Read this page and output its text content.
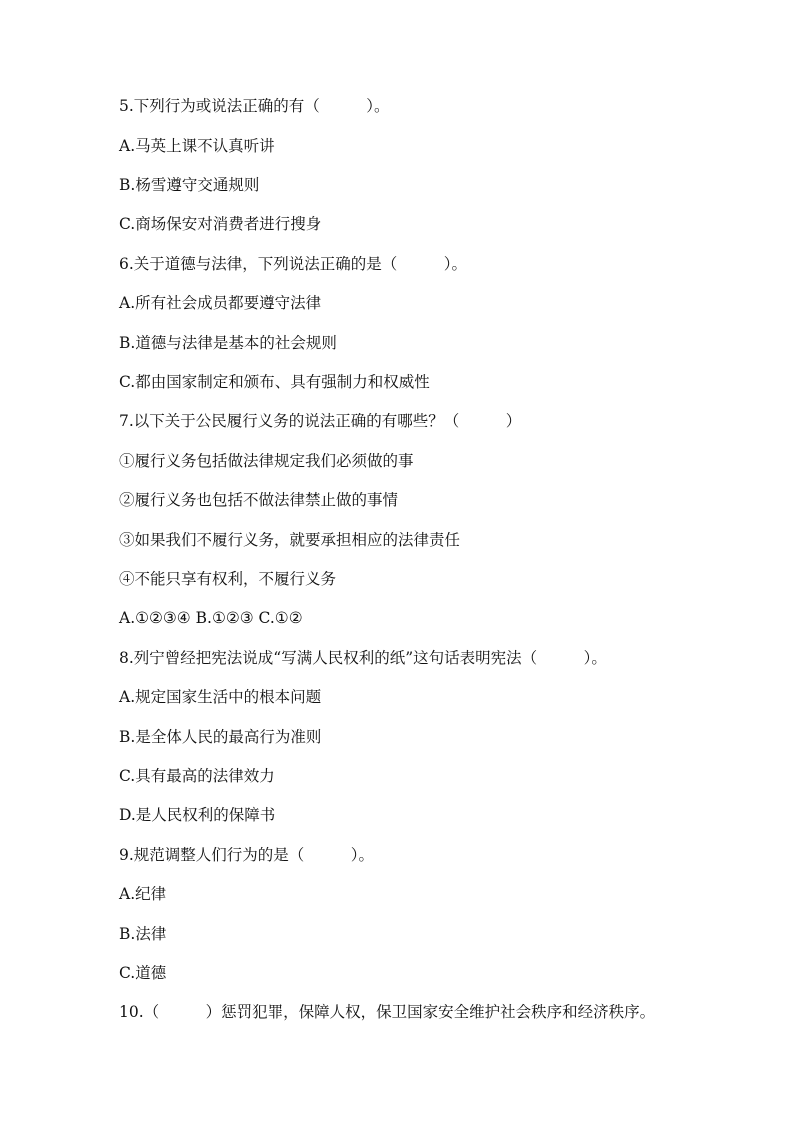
5.下列行为或说法正确的有（　　　）。
A.马英上课不认真听讲
B.杨雪遵守交通规则
C.商场保安对消费者进行搜身
6.关于道德与法律，下列说法正确的是（　　　）。
A.所有社会成员都要遵守法律
B.道德与法律是基本的社会规则
C.都由国家制定和颁布、具有强制力和权威性
7.以下关于公民履行义务的说法正确的有哪些？（　　　）
①履行义务包括做法律规定我们必须做的事
②履行义务也包括不做法律禁止做的事情
③如果我们不履行义务，就要承担相应的法律责任
④不能只享有权利，不履行义务
A.①②③④ B.①②③ C.①②
8.列宁曾经把宪法说成“写满人民权利的纸”这句话表明宪法（　　　）。
A.规定国家生活中的根本问题
B.是全体人民的最高行为准则
C.具有最高的法律效力
D.是人民权利的保障书
9.规范调整人们行为的是（　　　）。
A.纪律
B.法律
C.道德
10.（　　　）惩罚犯罪，保障人权，保卫国家安全维护社会秩序和经济秩序。
